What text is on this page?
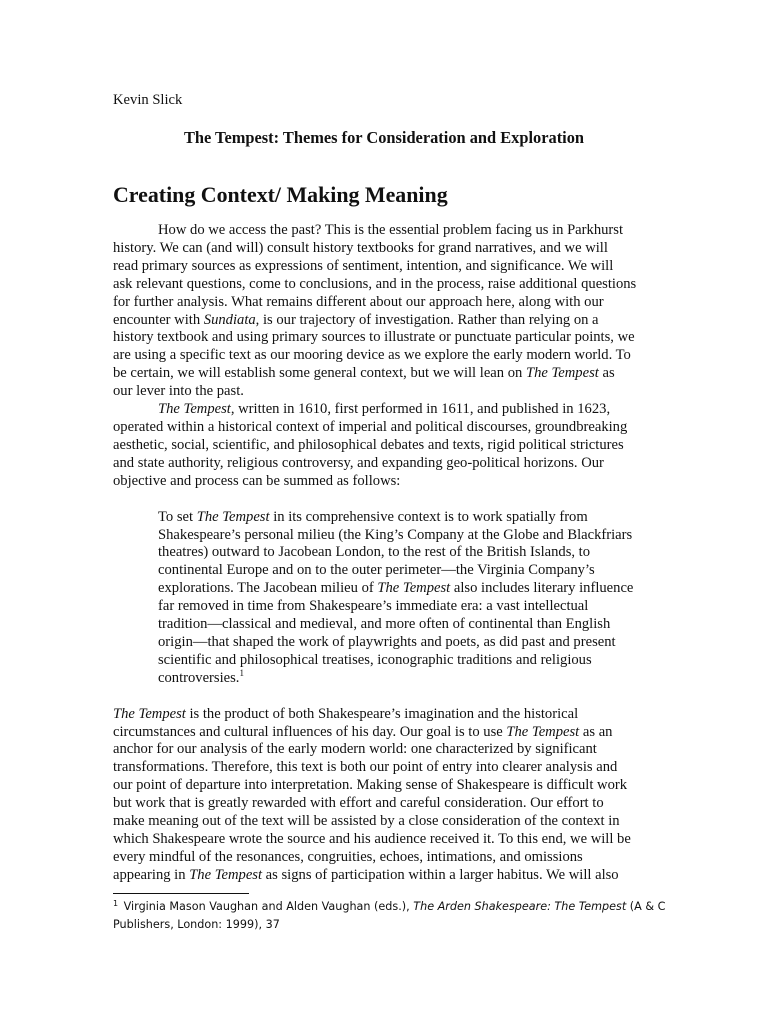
Kevin Slick

The Tempest: Themes for Consideration and Exploration
Creating Context/ Making Meaning
How do we access the past? This is the essential problem facing us in Parkhurst
history. We can (and will) consult history textbooks for grand narratives, and we will
read primary sources as expressions of sentiment, intention, and significance. We will
ask relevant questions, come to conclusions, and in the process, raise additional questions
for further analysis. What remains different about our approach here, along with our
encounter with Sundiata, is our trajectory of investigation. Rather than relying on a
history textbook and using primary sources to illustrate or punctuate particular points, we
are using a specific text as our mooring device as we explore the early modern world. To
be certain, we will establish some general context, but we will lean on The Tempest as
our lever into the past.
The Tempest, written in 1610, first performed in 1611, and published in 1623,
operated within a historical context of imperial and political discourses, groundbreaking
aesthetic, social, scientific, and philosophical debates and texts, rigid political strictures
and state authority, religious controversy, and expanding geo-political horizons. Our
objective and process can be summed as follows:
To set The Tempest in its comprehensive context is to work spatially from
Shakespeare’s personal milieu (the King’s Company at the Globe and Blackfriars
theatres) outward to Jacobean London, to the rest of the British Islands, to
continental Europe and on to the outer perimeter—the Virginia Company’s
explorations. The Jacobean milieu of The Tempest also includes literary influence
far removed in time from Shakespeare’s immediate era: a vast intellectual
tradition—classical and medieval, and more often of continental than English
origin—that shaped the work of playwrights and poets, as did past and present
scientific and philosophical treatises, iconographic traditions and religious
controversies.$^1$
The Tempest is the product of both Shakespeare’s imagination and the historical
circumstances and cultural influences of his day. Our goal is to use The Tempest as an
anchor for our analysis of the early modern world: one characterized by significant
transformations. Therefore, this text is both our point of entry into clearer analysis and
our point of departure into interpretation. Making sense of Shakespeare is difficult work
but work that is greatly rewarded with effort and careful consideration. Our effort to
make meaning out of the text will be assisted by a close consideration of the context in
which Shakespeare wrote the source and his audience received it. To this end, we will be
every mindful of the resonances, congruities, echoes, intimations, and omissions
appearing in The Tempest as signs of participation within a larger habitus. We will also
$^1$ Virginia Mason Vaughan and Alden Vaughan (eds.), The Arden Shakespeare: The Tempest (A & C
Publishers, London: 1999), 37
